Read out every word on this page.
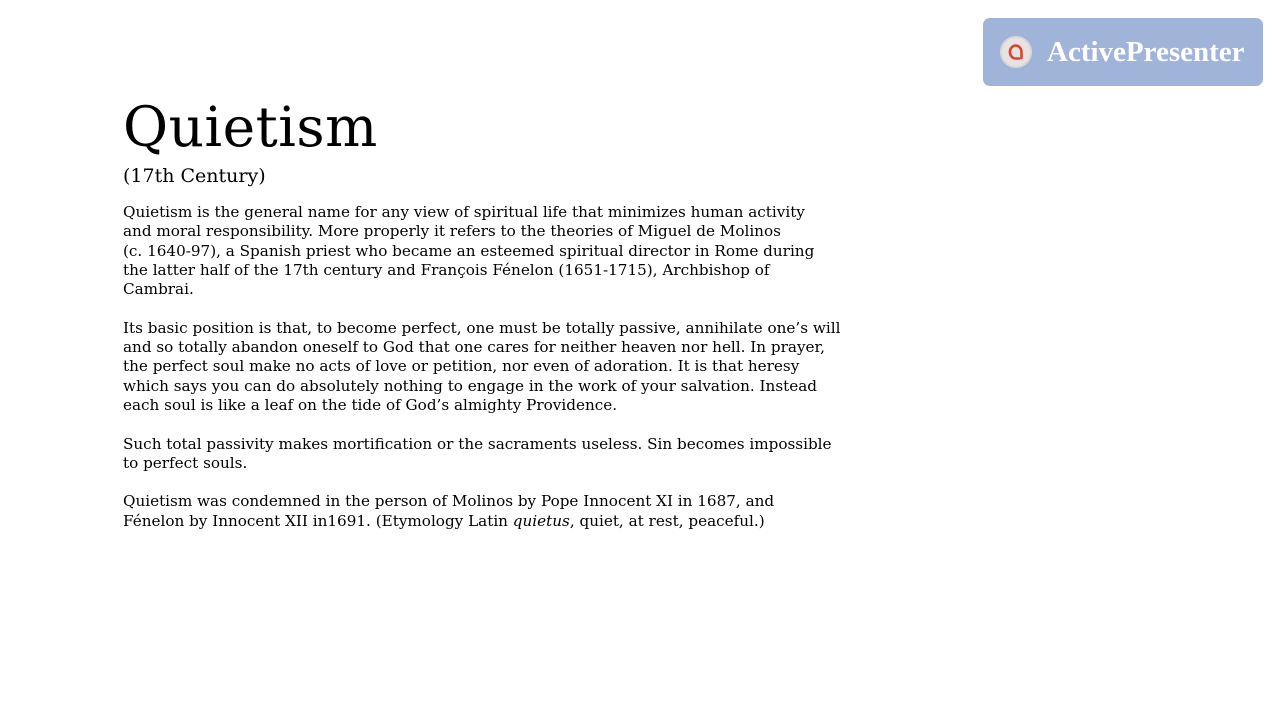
ActivePresenter
Quietism

(17th Century)

Quietism is the general name for any view of spiritual life that minimizes human activity
and moral responsibility. More properly it refers to the theories of Miguel de Molinos
(c. 1640-97), a Spanish priest who became an esteemed spiritual director in Rome during
the latter half of the 17th century and François Fénelon (1651-1715), Archbishop of
Cambrai.

Its basic position is that, to become perfect, one must be totally passive, annihilate one’s will
and so totally abandon oneself to God that one cares for neither heaven nor hell. In prayer,
the perfect soul make no acts of love or petition, nor even of adoration. It is that heresy
which says you can do absolutely nothing to engage in the work of your salvation. Instead
each soul is like a leaf on the tide of God’s almighty Providence.

Such total passivity makes mortification or the sacraments useless. Sin becomes impossible
to perfect souls.

Quietism was condemned in the person of Molinos by Pope Innocent XI in 1687, and
Fénelon by Innocent XII in1691. (Etymology Latin quietus, quiet, at rest, peaceful.)
